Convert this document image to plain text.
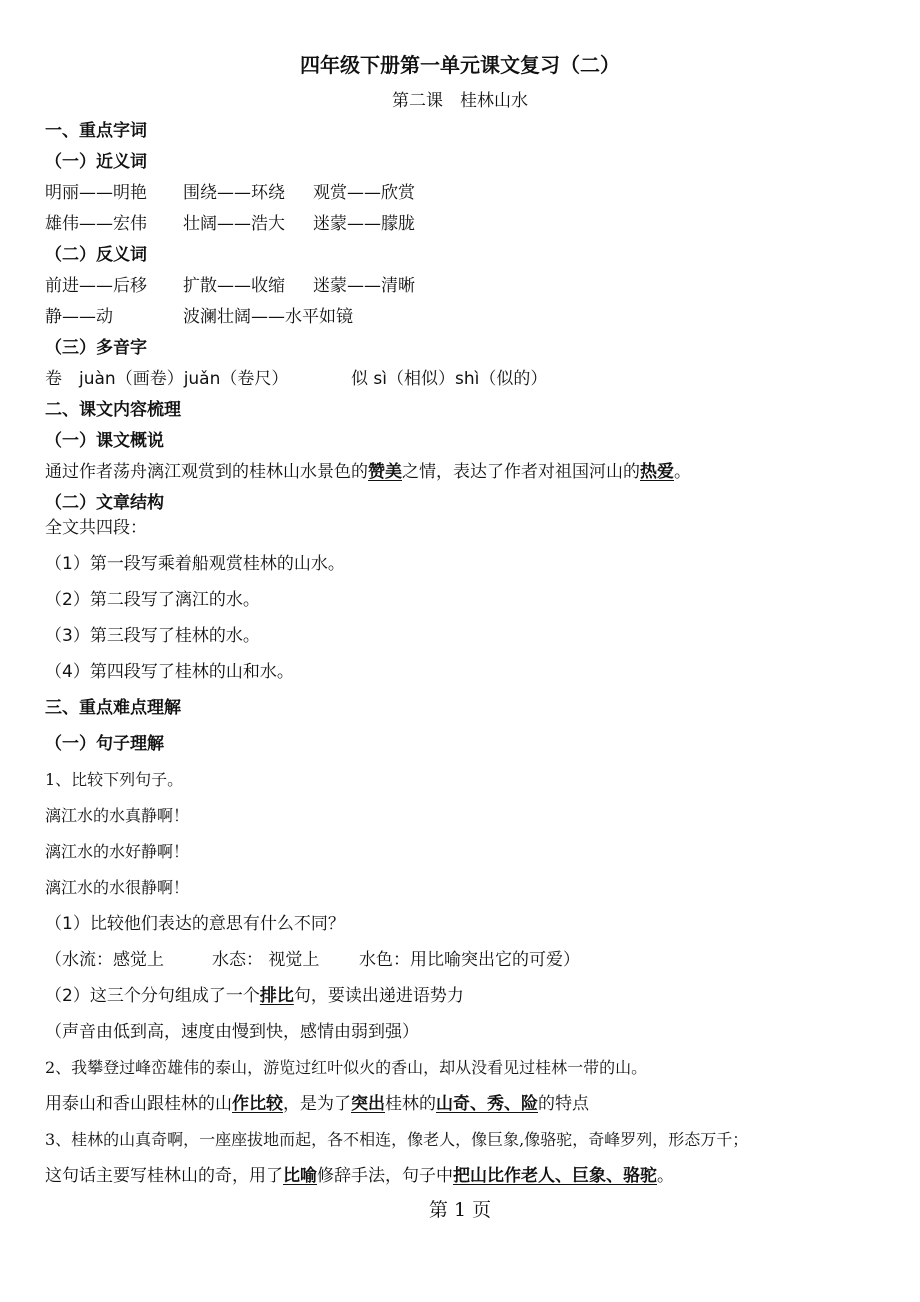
四年级下册第一单元课文复习（二）
第二课　桂林山水
一、重点字词
（一）近义词
明丽——明艳 围绕——环绕 观赏——欣赏
雄伟——宏伟 壮阔——浩大 迷蒙——朦胧
（二）反义词
前进——后移 扩散——收缩 迷蒙——清晰
静——动	波澜壮阔——水平如镜
（三）多音字
卷　juàn（画卷）juǎn（卷尺）	似 sì（相似）shì（似的）
二、课文内容梳理
（一）课文概说
通过作者荡舟漓江观赏到的桂林山水景色的赞美之情，表达了作者对祖国河山的热爱。
（二）文章结构
全文共四段：
（1）第一段写乘着船观赏桂林的山水。
（2）第二段写了漓江的水。
（3）第三段写了桂林的水。
（4）第四段写了桂林的山和水。
三、重点难点理解
（一）句子理解
1、比较下列句子。
漓江水的水真静啊！
漓江水的水好静啊！
漓江水的水很静啊！
（1）比较他们表达的意思有什么不同？
（水流：感觉上	水态： 视觉上 水色：用比喻突出它的可爱）
（2）这三个分句组成了一个排比句，要读出递进语势力
（声音由低到高，速度由慢到快，感情由弱到强）
2、我攀登过峰峦雄伟的泰山，游览过红叶似火的香山，却从没看见过桂林一带的山。
用泰山和香山跟桂林的山作比较，是为了突出桂林的山奇、秀、险的特点
3、桂林的山真奇啊，一座座拔地而起，各不相连，像老人，像巨象,像骆驼，奇峰罗列，形态万千；
这句话主要写桂林山的奇，用了比喻修辞手法，句子中把山比作老人、巨象、骆驼。
第 1 页
